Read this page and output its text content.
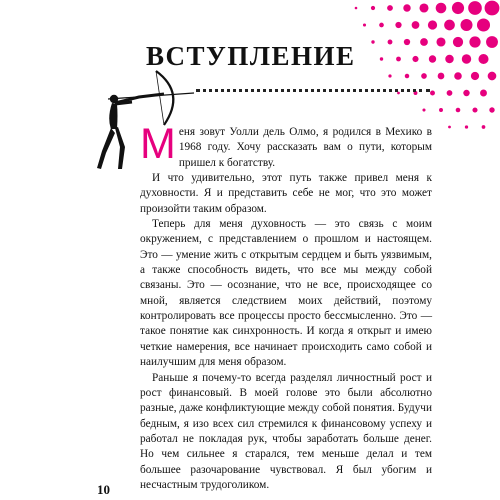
ВСТУПЛЕНИЕ

Меня зовут Уолли дель Олмо, я родился в Мехико в 1968 году. Хочу рассказать вам о пути, которым пришел к богатству.

И что удивительно, этот путь также привел меня к духовности. Я и представить себе не мог, что это может произойти таким образом.

Теперь для меня духовность — это связь с моим окружением, с представлением о прошлом и настоящем. Это — умение жить с открытым сердцем и быть уязвимым, а также способность видеть, что все мы между собой связаны. Это — осознание, что не все, происходящее со мной, является следствием моих действий, поэтому контролировать все процессы просто бессмысленно. Это — такое понятие как синхронность. И когда я открыт и имею четкие намерения, все начинает происходить само собой и наилучшим для меня образом.

Раньше я почему-то всегда разделял личностный рост и рост финансовый. В моей голове это были абсолютно разные, даже конфликтующие между собой понятия. Будучи бедным, я изо всех сил стремился к финансовому успеху и работал не покладая рук, чтобы заработать больше денег. Но чем сильнее я старался, тем меньше делал и тем большее разочарование чувствовал. Я был убогим и несчастным трудоголиком.

10
